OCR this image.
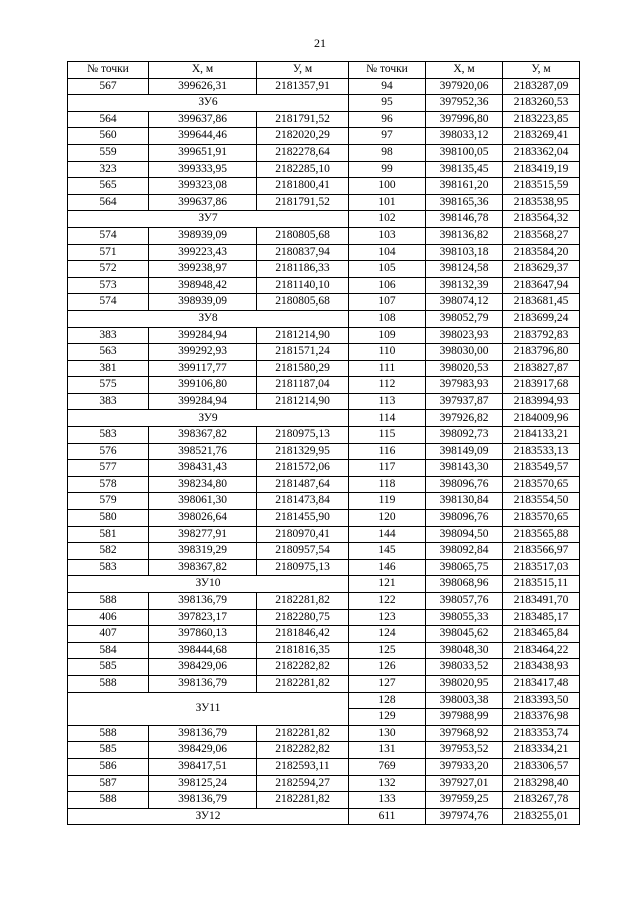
21
№ точки	X, м	У, м
567	399626,31	2181357,91
ЗУ6		
564	399637,86	2181791,52
560	399644,46	2182020,29
559	399651,91	2182278,64
323	399333,95	2182285,10
565	399323,08	2181800,41
564	399637,86	2181791,52
ЗУ7		
574	398939,09	2180805,68
571	399223,43	2180837,94
572	399238,97	2181186,33
573	398948,42	2181140,10
574	398939,09	2180805,68
ЗУ8		
383	399284,94	2181214,90
563	399292,93	2181571,24
381	399117,77	2181580,29
575	399106,80	2181187,04
383	399284,94	2181214,90
ЗУ9		
583	398367,82	2180975,13
576	398521,76	2181329,95
577	398431,43	2181572,06
578	398234,80	2181487,64
579	398061,30	2181473,84
580	398026,64	2181455,90
581	398277,91	2180970,41
582	398319,29	2180957,54
583	398367,82	2180975,13
ЗУ10		
588	398136,79	2182281,82
406	397823,17	2182280,75
407	397860,13	2181846,42
584	398444,68	2181816,35
585	398429,06	2182282,82
588	398136,79	2182281,82
ЗУ11		
588	398136,79	2182281,82
585	398429,06	2182282,82
586	398417,51	2182593,11
587	398125,24	2182594,27
588	398136,79	2182281,82
ЗУ12		
№ точки	X, м	У, м
94	397920,06	2183287,09
95	397952,36	2183260,53
96	397996,80	2183223,85
97	398033,12	2183269,41
98	398100,05	2183362,04
99	398135,45	2183419,19
100	398161,20	2183515,59
101	398165,36	2183538,95
102	398146,78	2183564,32
103	398136,82	2183568,27
104	398103,18	2183584,20
105	398124,58	2183629,37
106	398132,39	2183647,94
107	398074,12	2183681,45
108	398052,79	2183699,24
109	398023,93	2183792,83
110	398030,00	2183796,80
111	398020,53	2183827,87
112	397983,93	2183917,68
113	397937,87	2183994,93
114	397926,82	2184009,96
115	398092,73	2184133,21
116	398149,09	2183533,13
117	398143,30	2183549,57
118	398096,76	2183570,65
119	398130,84	2183554,50
120	398096,76	2183570,65
144	398094,50	2183565,88
145	398092,84	2183566,97
146	398065,75	2183517,03
121	398068,96	2183515,11
122	398057,76	2183491,70
123	398055,33	2183485,17
124	398045,62	2183465,84
125	398048,30	2183464,22
126	398033,52	2183438,93
127	398020,95	2183417,48
128	398003,38	2183393,50
129	397988,99	2183376,98
130	397968,92	2183353,74
131	397953,52	2183334,21
769	397933,20	2183306,57
132	397927,01	2183298,40
133	397959,25	2183267,78
611	397974,76	2183255,01
